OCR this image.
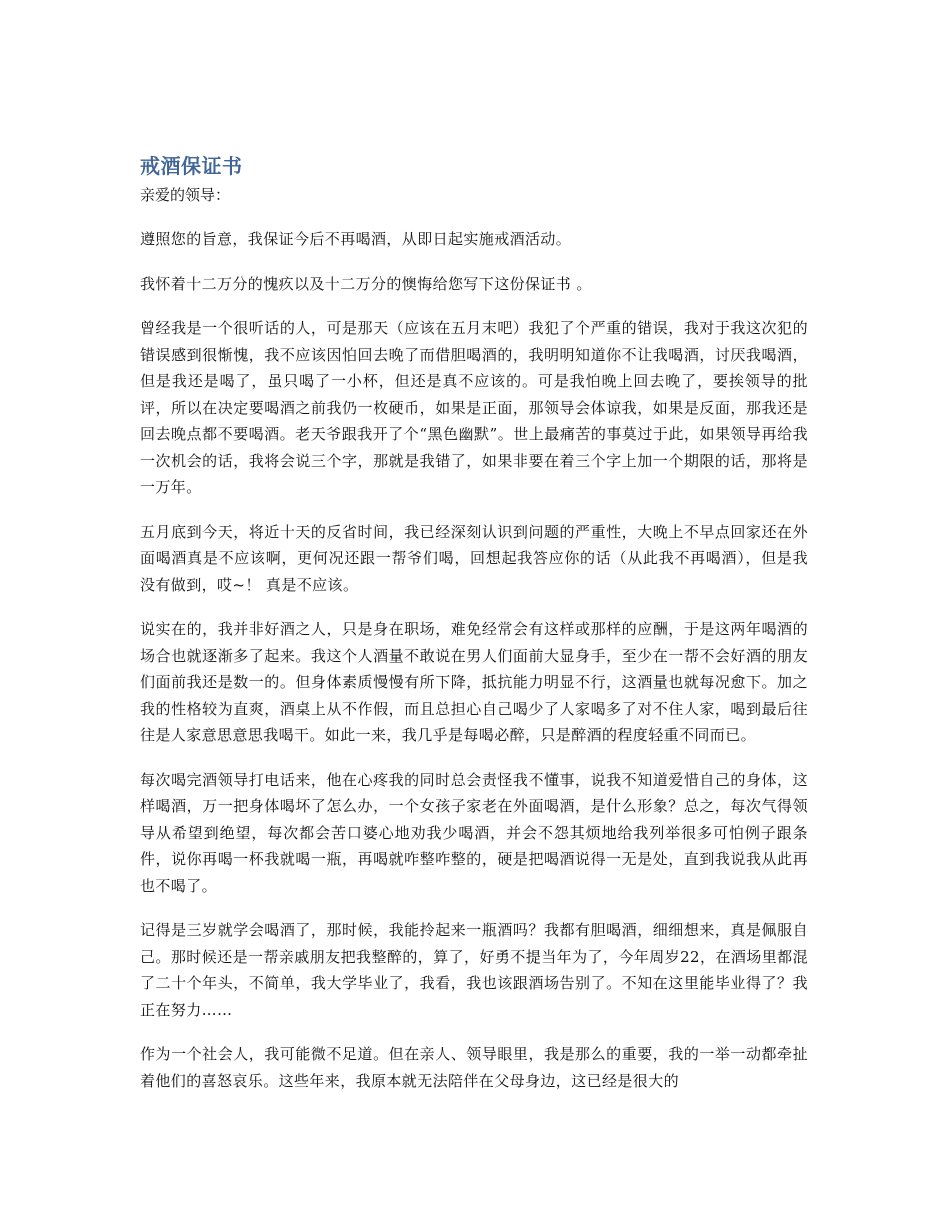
戒酒保证书

亲爱的领导：

遵照您的旨意，我保证今后不再喝酒，从即日起实施戒酒活动。

我怀着十二万分的愧疚以及十二万分的懊悔给您写下这份保证书 。

曾经我是一个很听话的人，可是那天（应该在五月末吧）我犯了个严重的错误，我对于我这次犯的错误感到很惭愧，我不应该因怕回去晚了而借胆喝酒的，我明明知道你不让我喝酒，讨厌我喝酒，但是我还是喝了，虽只喝了一小杯，但还是真不应该的。可是我怕晚上回去晚了，要挨领导的批评，所以在决定要喝酒之前我仍一枚硬币，如果是正面，那领导会体谅我，如果是反面，那我还是回去晚点都不要喝酒。老天爷跟我开了个“黑色幽默”。世上最痛苦的事莫过于此，如果领导再给我一次机会的话，我将会说三个字，那就是我错了，如果非要在着三个字上加一个期限的话，那将是一万年。

五月底到今天，将近十天的反省时间，我已经深刻认识到问题的严重性，大晚上不早点回家还在外面喝酒真是不应该啊，更何况还跟一帮爷们喝，回想起我答应你的话（从此我不再喝酒），但是我没有做到，哎~！ 真是不应该。

说实在的，我并非好酒之人，只是身在职场，难免经常会有这样或那样的应酬，于是这两年喝酒的场合也就逐渐多了起来。我这个人酒量不敢说在男人们面前大显身手，至少在一帮不会好酒的朋友们面前我还是数一的。但身体素质慢慢有所下降，抵抗能力明显不行，这酒量也就每况愈下。加之我的性格较为直爽，酒桌上从不作假，而且总担心自己喝少了人家喝多了对不住人家，喝到最后往往是人家意思意思我喝干。如此一来，我几乎是每喝必醉，只是醉酒的程度轻重不同而已。

每次喝完酒领导打电话来，他在心疼我的同时总会责怪我不懂事，说我不知道爱惜自己的身体，这样喝酒，万一把身体喝坏了怎么办，一个女孩子家老在外面喝酒，是什么形象？总之，每次气得领导从希望到绝望，每次都会苦口婆心地劝我少喝酒，并会不怨其烦地给我列举很多可怕例子跟条件，说你再喝一杯我就喝一瓶，再喝就咋整咋整的，硬是把喝酒说得一无是处，直到我说我从此再也不喝了。

记得是三岁就学会喝酒了，那时候，我能拎起来一瓶酒吗？我都有胆喝酒，细细想来，真是佩服自己。那时候还是一帮亲戚朋友把我整醉的，算了，好勇不提当年为了，今年周岁22，在酒场里都混了二十个年头，不简单，我大学毕业了，我看，我也该跟酒场告别了。不知在这里能毕业得了？我正在努力……

作为一个社会人，我可能微不足道。但在亲人、领导眼里，我是那么的重要，我的一举一动都牵扯着他们的喜怒哀乐。这些年来，我原本就无法陪伴在父母身边，这已经是很大的
